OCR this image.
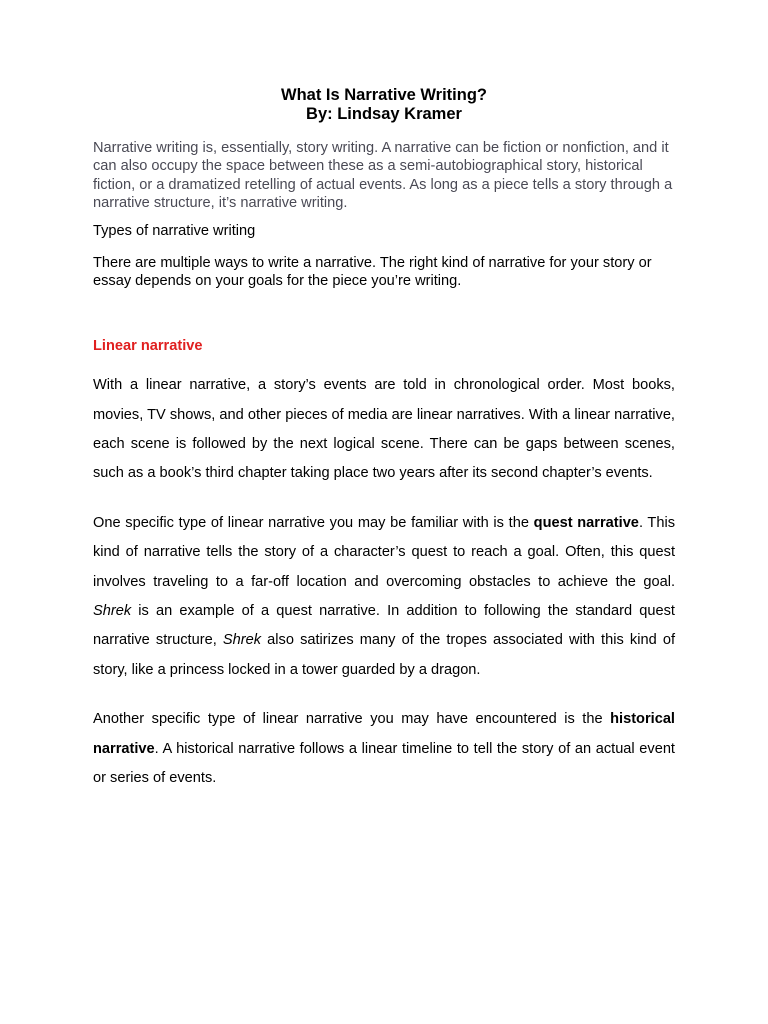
What Is Narrative Writing?
By: Lindsay Kramer

Narrative writing is, essentially, story writing. A narrative can be fiction or nonfiction, and it can also occupy the space between these as a semi-autobiographical story, historical fiction, or a dramatized retelling of actual events. As long as a piece tells a story through a narrative structure, it’s narrative writing.

Types of narrative writing

There are multiple ways to write a narrative. The right kind of narrative for your story or essay depends on your goals for the piece you’re writing.

Linear narrative

With a linear narrative, a story’s events are told in chronological order. Most books, movies, TV shows, and other pieces of media are linear narratives. With a linear narrative, each scene is followed by the next logical scene. There can be gaps between scenes, such as a book’s third chapter taking place two years after its second chapter’s events.

One specific type of linear narrative you may be familiar with is the quest narrative. This kind of narrative tells the story of a character’s quest to reach a goal. Often, this quest involves traveling to a far-off location and overcoming obstacles to achieve the goal. Shrek is an example of a quest narrative. In addition to following the standard quest narrative structure, Shrek also satirizes many of the tropes associated with this kind of story, like a princess locked in a tower guarded by a dragon.

Another specific type of linear narrative you may have encountered is the historical narrative. A historical narrative follows a linear timeline to tell the story of an actual event or series of events.
